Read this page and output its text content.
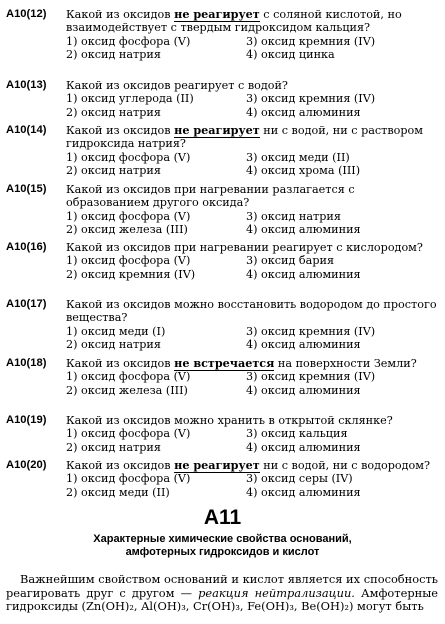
A10(12)	Какой из оксидов не реагирует с соляной кислотой, но взаимодействует с твердым гидроксидом кальция?
1) оксид фосфора (V)	3) оксид кремния (IV)
2) оксид натрия	4) оксид цинка
A10(13)	Какой из оксидов реагирует с водой?
1) оксид углерода (II)	3) оксид кремния (IV)
2) оксид натрия	4) оксид алюминия
A10(14)	Какой из оксидов не реагирует ни с водой, ни с раствором гидроксида натрия?
1) оксид фосфора (V)	3) оксид меди (II)
2) оксид натрия	4) оксид хрома (III)
A10(15)	Какой из оксидов при нагревании разлагается с образованием другого оксида?
1) оксид фосфора (V)	3) оксид натрия
2) оксид железа (III)	4) оксид алюминия
A10(16)	Какой из оксидов при нагревании реагирует с кислородом?
1) оксид фосфора (V)	3) оксид бария
2) оксид кремния (IV)	4) оксид алюминия
A10(17)	Какой из оксидов можно восстановить водородом до простого вещества?
1) оксид меди (I)	3) оксид кремния (IV)
2) оксид натрия	4) оксид алюминия
A10(18)	Какой из оксидов не встречается на поверхности Земли?
1) оксид фосфора (V)	3) оксид кремния (IV)
2) оксид железа (III)	4) оксид алюминия
A10(19)	Какой из оксидов можно хранить в открытой склянке?
1) оксид фосфора (V)	3) оксид кальция
2) оксид натрия	4) оксид алюминия
A10(20)	Какой из оксидов не реагирует ни с водой, ни с водородом?
1) оксид фосфора (V)	3) оксид серы (IV)
2) оксид меди (II)	4) оксид алюминия
A11
Характерные химические свойства оснований,
амфотерных гидроксидов и кислот
Важнейшим свойством оснований и кислот является их способность реагировать друг с другом — реакция нейтрализации. Амфотерные гидроксиды (Zn(OH)₂, Al(OH)₃, Cr(OH)₃, Fe(OH)₃, Be(OH)₂) могут быть
